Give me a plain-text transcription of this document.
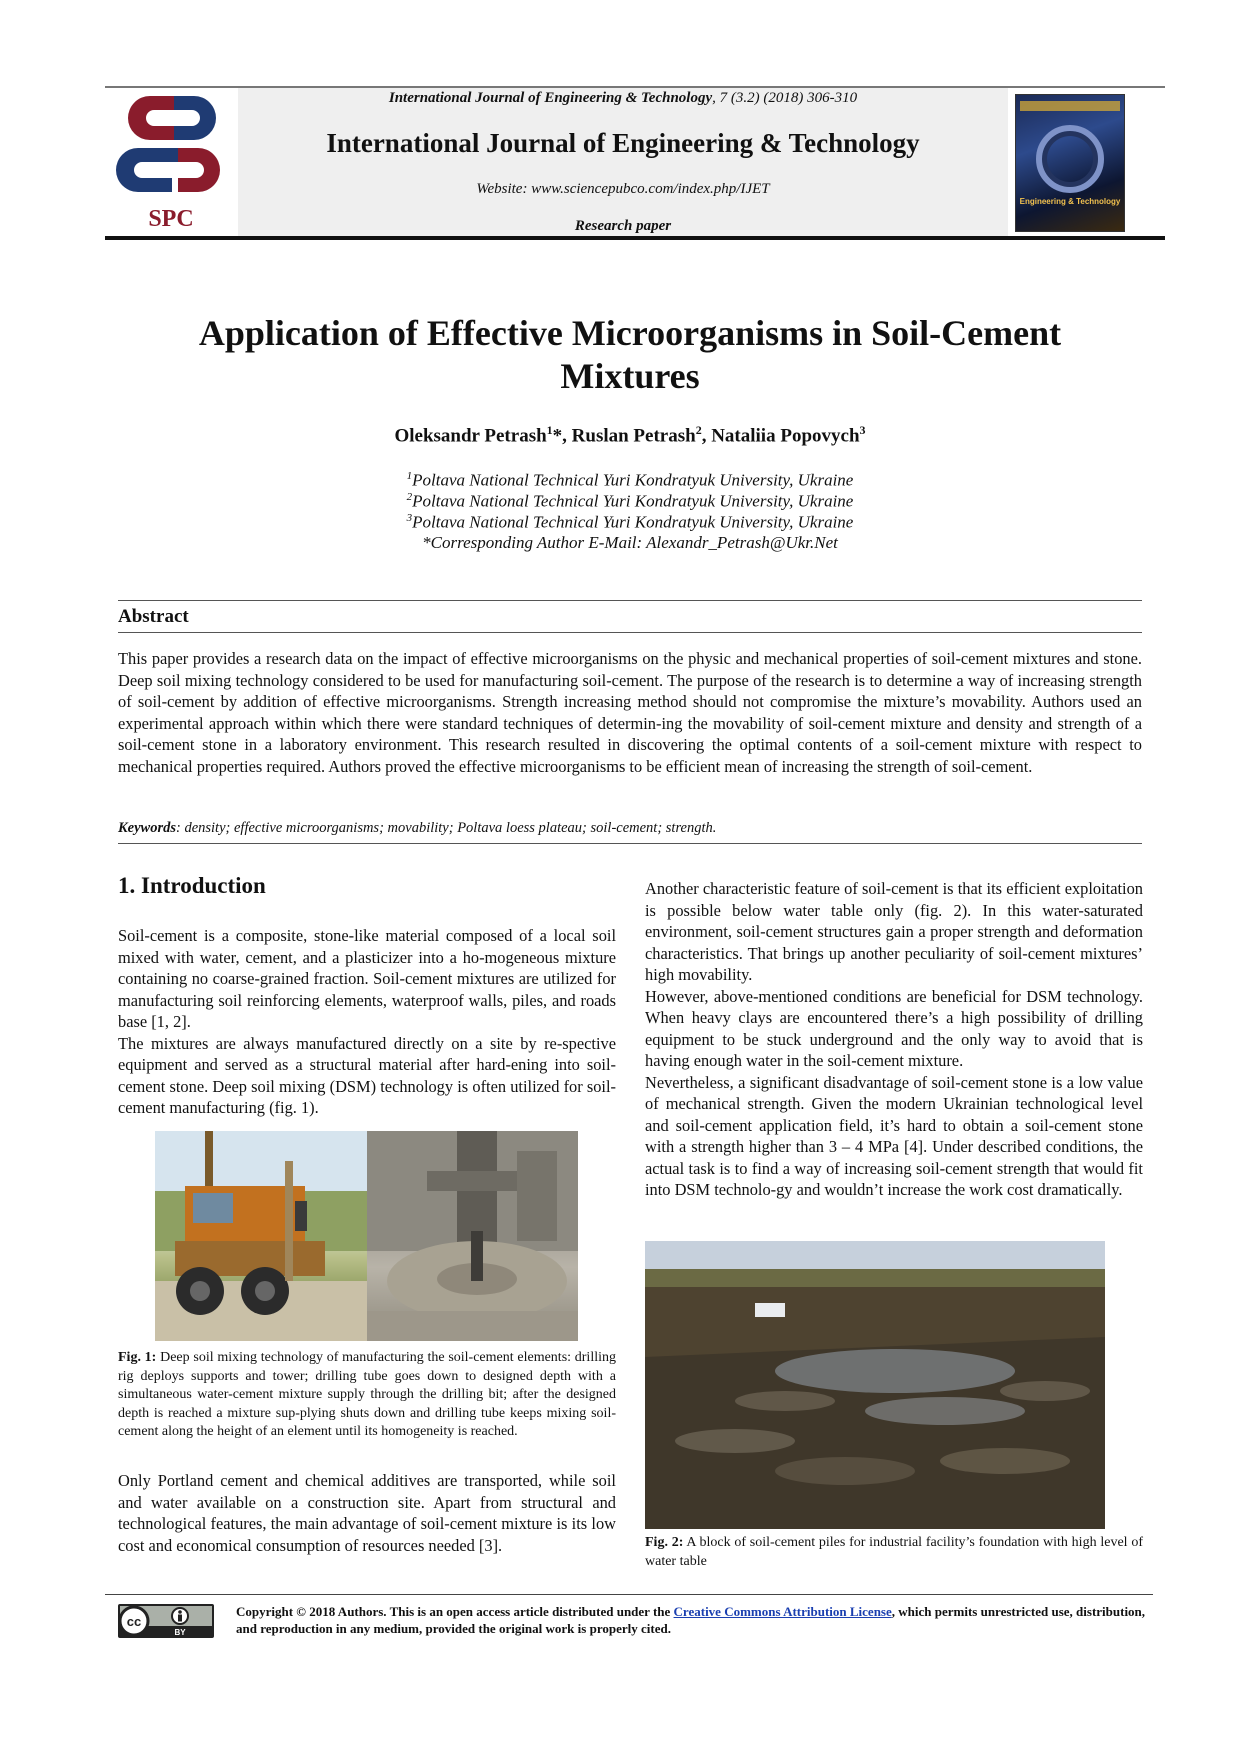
SPC
International Journal of Engineering & Technology, 7 (3.2) (2018) 306-310
International Journal of Engineering & Technology
Website: www.sciencepubco.com/index.php/IJET
Research paper
Engineering & Technology
Application of Effective Microorganisms in Soil-Cement
Mixtures
Oleksandr Petrash$^1$*, Ruslan Petrash$^2$, Nataliia Popovych$^3$
$^1$Poltava National Technical Yuri Kondratyuk University, Ukraine
$^2$Poltava National Technical Yuri Kondratyuk University, Ukraine
$^3$Poltava National Technical Yuri Kondratyuk University, Ukraine
*Corresponding Author E-Mail: Alexandr_Petrash@Ukr.Net
Abstract
This paper provides a research data on the impact of effective microorganisms on the physic and mechanical properties of soil-cement mixtures and stone. Deep soil mixing technology considered to be used for manufacturing soil-cement. The purpose of the research is to determine a way of increasing strength of soil-cement by addition of effective microorganisms. Strength increasing method should not compromise the mixture’s movability. Authors used an experimental approach within which there were standard techniques of determin-ing the movability of soil-cement mixture and density and strength of a soil-cement stone in a laboratory environment. This research resulted in discovering the optimal contents of a soil-cement mixture with respect to mechanical properties required. Authors proved the effective microorganisms to be efficient mean of increasing the strength of soil-cement.
Keywords: density; effective microorganisms; movability; Poltava loess plateau; soil-cement; strength.
1. Introduction

Soil-cement is a composite, stone-like material composed of a local soil mixed with water, cement, and a plasticizer into a ho-mogeneous mixture containing no coarse-grained fraction. Soil-cement mixtures are utilized for manufacturing soil reinforcing elements, waterproof walls, piles, and roads base [1, 2].

The mixtures are always manufactured directly on a site by re-spective equipment and served as a structural material after hard-ening into soil-cement stone. Deep soil mixing (DSM) technology is often utilized for soil-cement manufacturing (fig. 1).

Fig. 1: Deep soil mixing technology of manufacturing the soil-cement elements: drilling rig deploys supports and tower; drilling tube goes down to designed depth with a simultaneous water-cement mixture supply through the drilling bit; after the designed depth is reached a mixture sup-plying shuts down and drilling tube keeps mixing soil-cement along the height of an element until its homogeneity is reached.

Only Portland cement and chemical additives are transported, while soil and water available on a construction site. Apart from structural and technological features, the main advantage of soil-cement mixture is its low cost and economical consumption of resources needed [3].

Another characteristic feature of soil-cement is that its efficient exploitation is possible below water table only (fig. 2). In this water-saturated environment, soil-cement structures gain a proper strength and deformation characteristics. That brings up another peculiarity of soil-cement mixtures’ high movability.

However, above-mentioned conditions are beneficial for DSM technology. When heavy clays are encountered there’s a high possibility of drilling equipment to be stuck underground and the only way to avoid that is having enough water in the soil-cement mixture.

Nevertheless, a significant disadvantage of soil-cement stone is a low value of mechanical strength. Given the modern Ukrainian technological level and soil-cement application field, it’s hard to obtain a soil-cement stone with a strength higher than 3 – 4 MPa [4]. Under described conditions, the actual task is to find a way of increasing soil-cement strength that would fit into DSM technolo-gy and wouldn’t increase the work cost dramatically.

Fig. 2: A block of soil-cement piles for industrial facility’s foundation with high level of water table
cc
BY
Copyright © 2018 Authors. This is an open access article distributed under the Creative Commons Attribution License, which permits unrestricted use, distribution, and reproduction in any medium, provided the original work is properly cited.
